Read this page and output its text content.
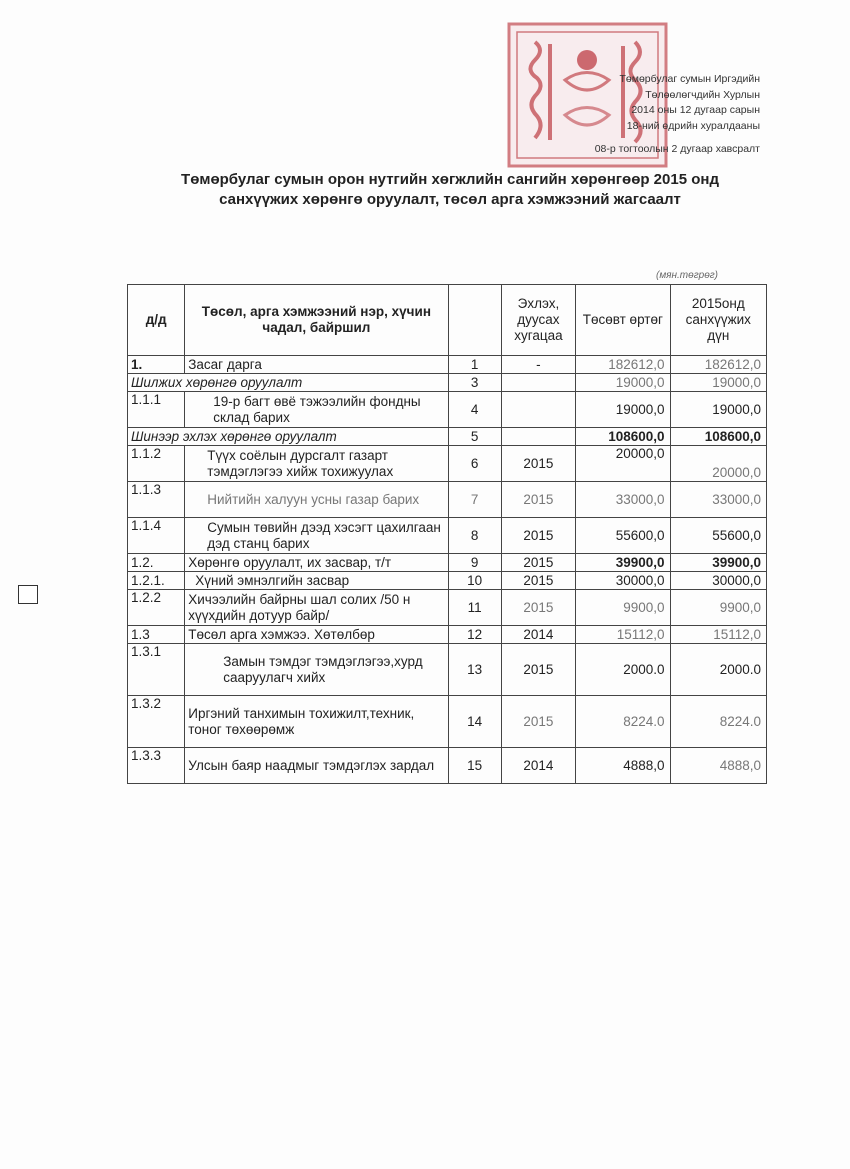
Төмөрбулаг сумын Иргэдийн
Төлөөлөгчдийн Хурлын
2014 оны 12 дугаар сарын
18-ний өдрийн хуралдааны
08-р тогтоолын 2 дугаар хавсралт
Төмөрбулаг сумын орон нутгийн хөгжлийн сангийн хөрөнгөөр 2015 онд
санхүүжих хөрөнгө оруулалт, төсөл арга хэмжээний жагсаалт
(мян.төгрөг)
д/д	Төсөл, арга хэмжээний нэр, хүчин чадал, байршил		Эхлэх, дуусах хугацаа	Төсөвт өртөг	2015онд санхүүжих дүн
1.	Засаг дарга	1	-	182612,0	182612,0
Шилжих хөрөнгө оруулалт		3		19000,0	19000,0
1.1.1	19-р багт өвё тэжээлийн фондны склад барих	4		19000,0	19000,0
Шинээр эхлэх хөрөнгө оруулалт		5		108600,0	108600,0
1.1.2	Түүх соёлын дурсгалт газарт тэмдэглэгээ хийж тохижуулах	6	2015	20000,0	20000,0
1.1.3	Нийтийн халуун усны газар барих	7	2015	33000,0	33000,0
1.1.4	Сумын төвийн дээд хэсэгт цахилгаан дэд станц барих	8	2015	55600,0	55600,0
1.2.	Хөрөнгө оруулалт, их засвар, т/т	9	2015	39900,0	39900,0
1.2.1.	Хүний эмнэлгийн засвар	10	2015	30000,0	30000,0
1.2.2	Хичээлийн байрны шал солих /50 н хүүхдийн дотуур байр/	11	2015	9900,0	9900,0
1.3	Төсөл арга хэмжээ. Хөтөлбөр	12	2014	15112,0	15112,0
1.3.1	Замын тэмдэг тэмдэглэгээ,хурд сааруулагч хийх	13	2015	2000.0	2000.0
1.3.2	Иргэний танхимын тохижилт,техник, тоног төхөөрөмж	14	2015	8224.0	8224.0
1.3.3	Улсын баяр наадмыг тэмдэглэх зардал	15	2014	4888,0	4888,0
